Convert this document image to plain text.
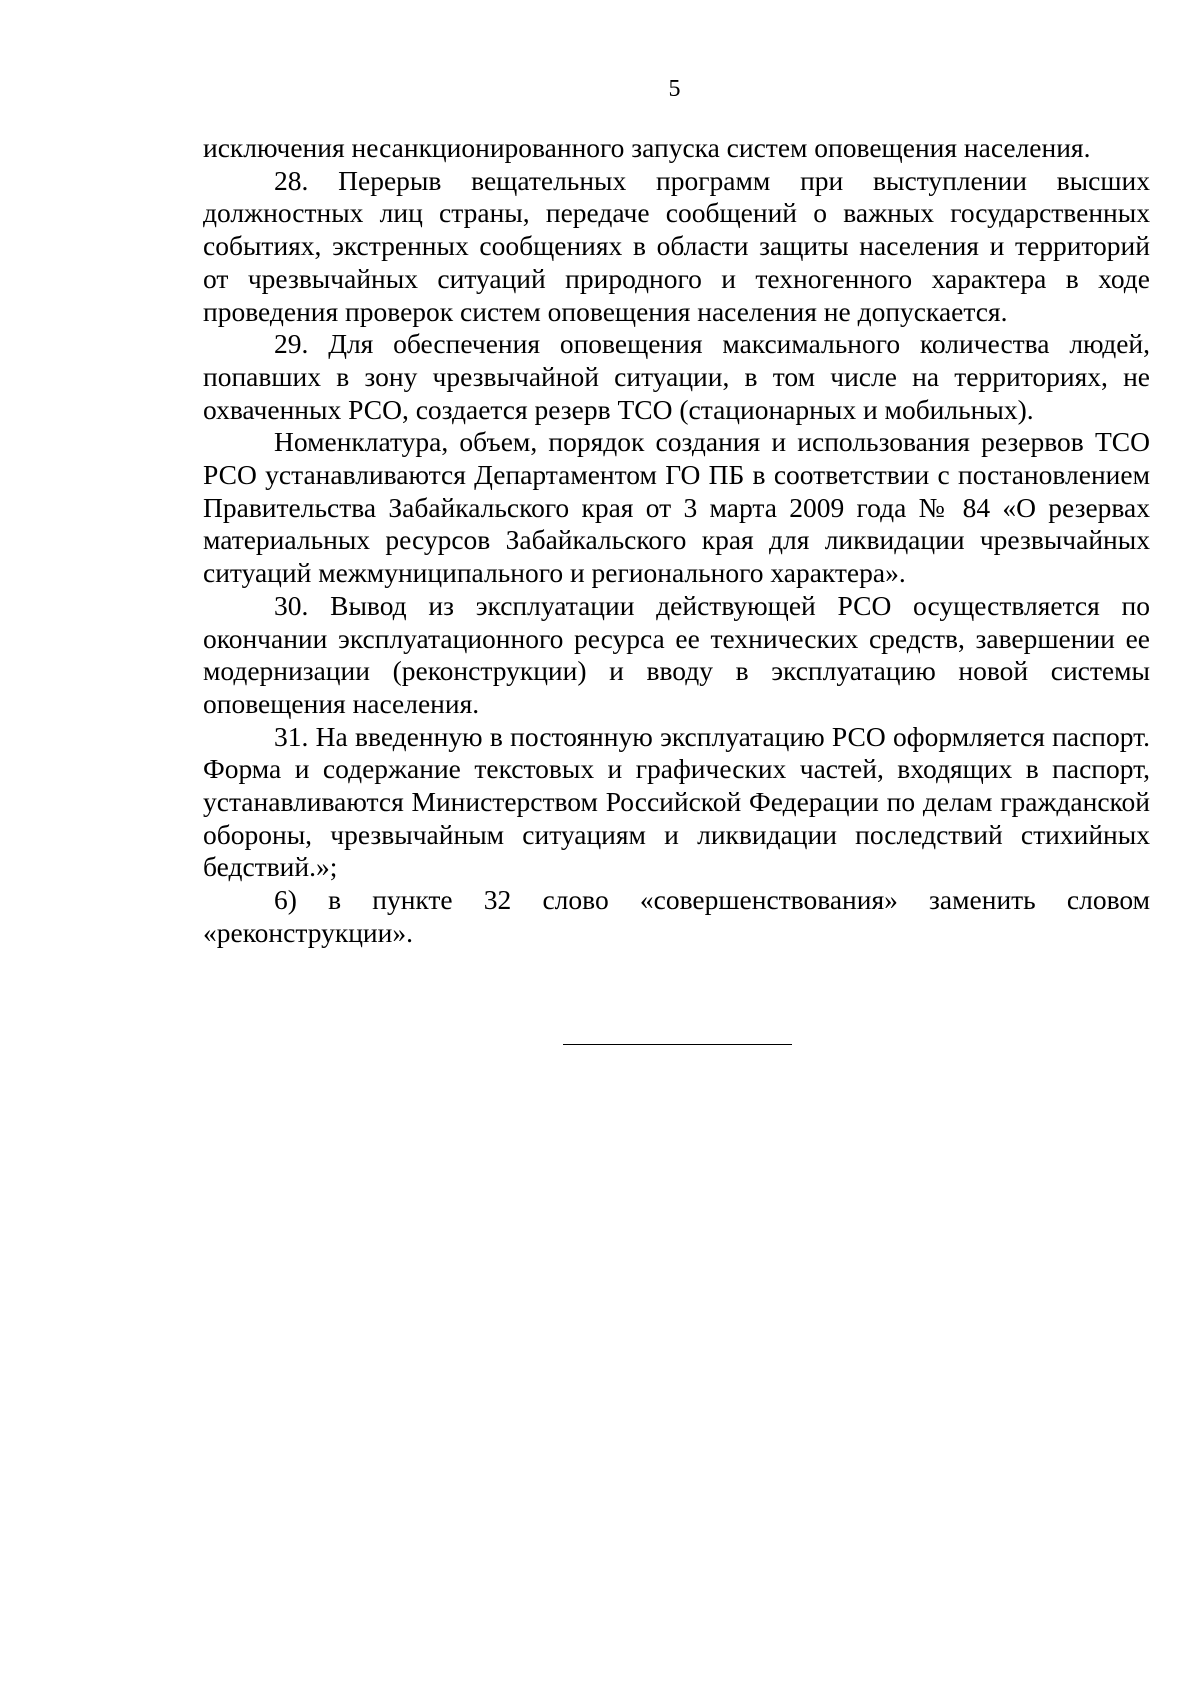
5

исключения несанкционированного запуска систем оповещения населения.

28. Перерыв вещательных программ при выступлении высших должностных лиц страны, передаче сообщений о важных государственных событиях, экстренных сообщениях в области защиты населения и территорий от чрезвычайных ситуаций природного и техногенного характера в ходе проведения проверок систем оповещения населения не допускается.

29. Для обеспечения оповещения максимального количества людей, попавших в зону чрезвычайной ситуации, в том числе на территориях, не охваченных РСО, создается резерв ТСО (стационарных и мобильных).

Номенклатура, объем, порядок создания и использования резервов ТСО РСО устанавливаются Департаментом ГО ПБ в соответствии с постановлением Правительства Забайкальского края от 3 марта 2009 года № 84 «О резервах материальных ресурсов Забайкальского края для ликвидации чрезвычайных ситуаций межмуниципального и регионального характера».

30. Вывод из эксплуатации действующей РСО осуществляется по окончании эксплуатационного ресурса ее технических средств, завершении ее модернизации (реконструкции) и вводу в эксплуатацию новой системы оповещения населения.

31. На введенную в постоянную эксплуатацию РСО оформляется паспорт. Форма и содержание текстовых и графических частей, входящих в паспорт, устанавливаются Министерством Российской Федерации по делам гражданской обороны, чрезвычайным ситуациям и ликвидации последствий стихийных бедствий.»;

6) в пункте 32 слово «совершенствования» заменить словом «реконструкции».
